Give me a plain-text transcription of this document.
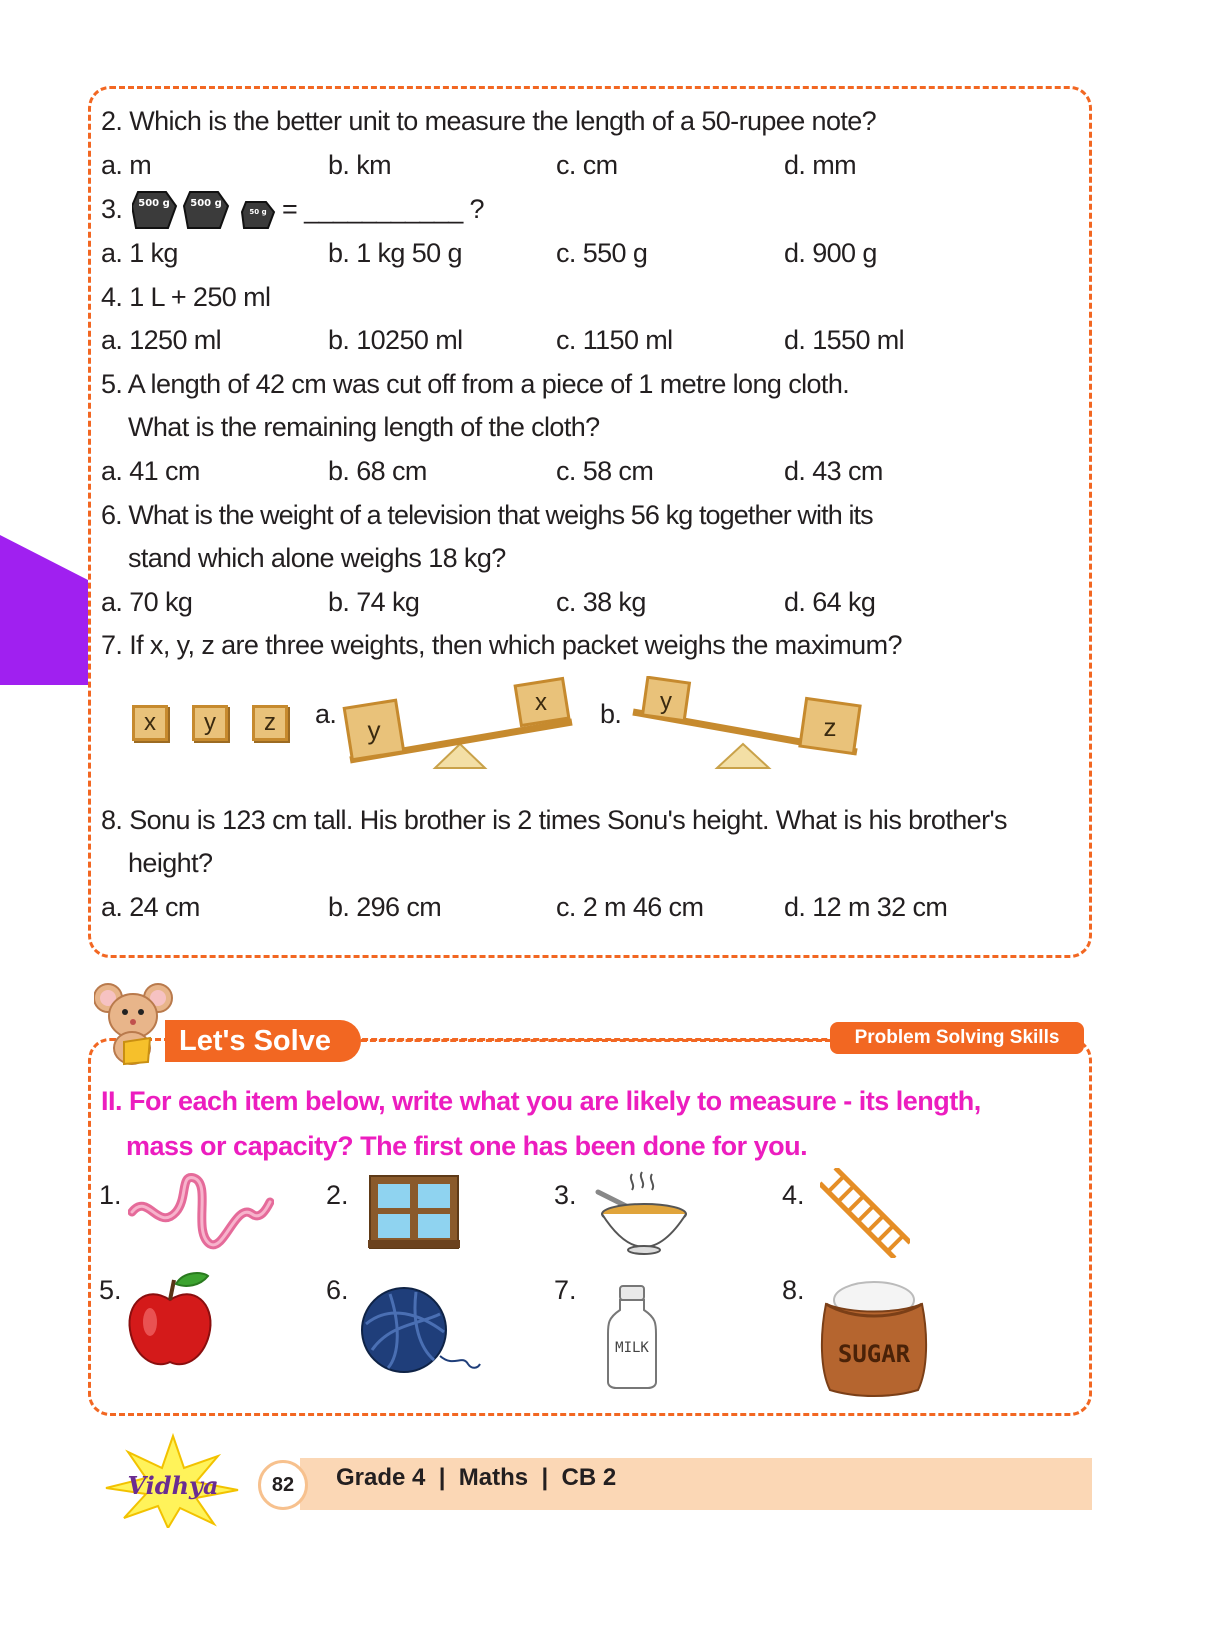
2. Which is the better unit to measure the length of a 50-rupee note?
a. m	b. km	c. cm	d. mm
3. 500 g 500 g
50 g = ___________ ?
a. 1 kg	b. 1 kg 50 g	c. 550 g	d. 900 g
4. 1 L + 250 ml
a. 1250 ml	b. 10250 ml	c. 1150 ml	d. 1550 ml
5. A length of 42 cm was cut off from a piece of 1 metre long cloth.
What is the remaining length of the cloth?
a. 41 cm	b. 68 cm	c. 58 cm	d. 43 cm
6. What is the weight of a television that weighs 56 kg together with its
stand which alone weighs 18 kg?
a. 70 kg	b. 74 kg	c. 38 kg	d. 64 kg
7. If x, y, z are three weights, then which packet weighs the maximum?
x	y	z	a.
y
x b. y
z
8. Sonu is 123 cm tall. His brother is 2 times Sonu's height. What is his brother's
height?
a. 24 cm	b. 296 cm	c. 2 m 46 cm	d. 12 m 32 cm
Let's Solve	Problem Solving Skills
II. For each item below, write what you are likely to measure - its length,
mass or capacity? The first one has been done for you.
1.	2.	3.	4.
5.	6.	7.	8.
MILK	SUGAR
Vidhya	82	Grade 4  |  Maths  |  CB 2
